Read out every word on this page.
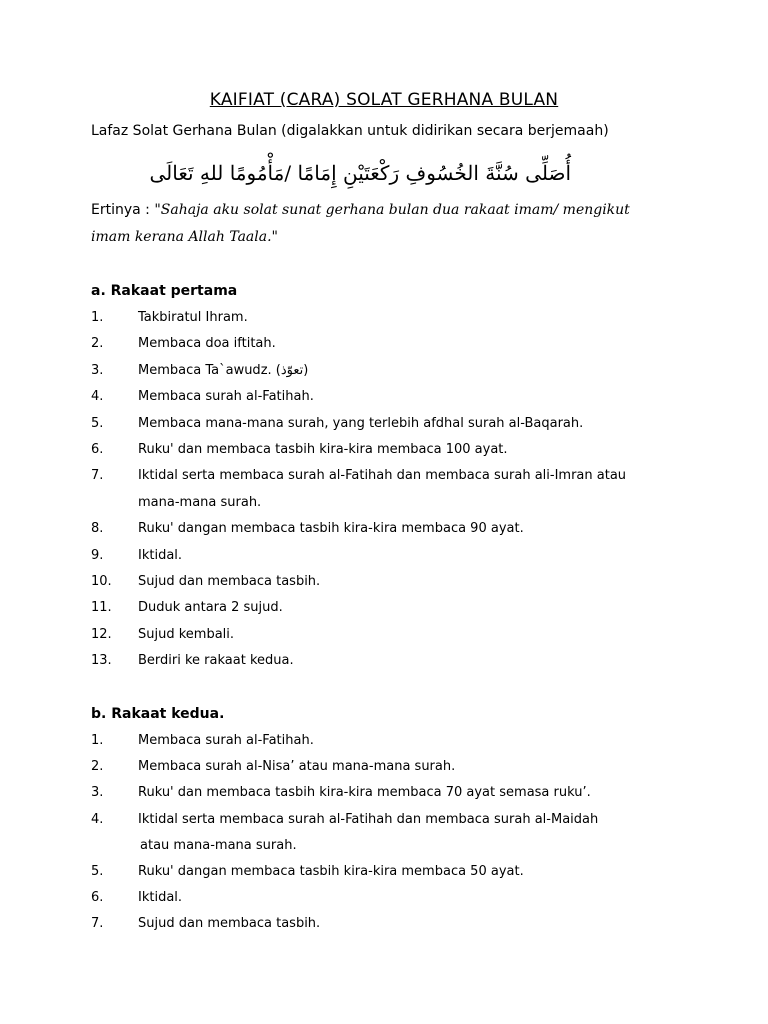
KAIFIAT (CARA) SOLAT GERHANA BULAN
Lafaz Solat Gerhana Bulan (digalakkan untuk didirikan secara berjemaah)
أُصَلِّى سُنَّةَ الخُسُوفِ رَكْعَتَيْنِ إِمَامًا /مَأْمُومًا للهِ تَعَالَى
Ertinya : "Sahaja aku solat sunat gerhana bulan dua rakaat imam/ mengikut
imam kerana Allah Taala."
a. Rakaat pertama
1.	Takbiratul Ihram.
2.	Membaca doa iftitah.
3.	Membaca Ta`awudz. (تعوّذ)
4.	Membaca surah al-Fatihah.
5.	Membaca mana-mana surah, yang terlebih afdhal surah al-Baqarah.
6.	Ruku' dan membaca tasbih kira-kira membaca 100 ayat.
7.	Iktidal serta membaca surah al-Fatihah dan membaca surah ali-Imran atau
mana-mana surah.
8.	Ruku' dangan membaca tasbih kira-kira membaca 90 ayat.
9.	Iktidal.
10. Sujud dan membaca tasbih.
11. Duduk antara 2 sujud.
12. Sujud kembali.
13. Berdiri ke rakaat kedua.
b. Rakaat kedua.
1.	Membaca surah al-Fatihah.
2.	Membaca surah al-Nisa’ atau mana-mana surah.
3.	Ruku' dan membaca tasbih kira-kira membaca 70 ayat semasa ruku’.
4.	Iktidal serta membaca surah al-Fatihah dan membaca surah al-Maidah
atau mana-mana surah.
5.	Ruku' dangan membaca tasbih kira-kira membaca 50 ayat.
6.	Iktidal.
7.	Sujud dan membaca tasbih.
